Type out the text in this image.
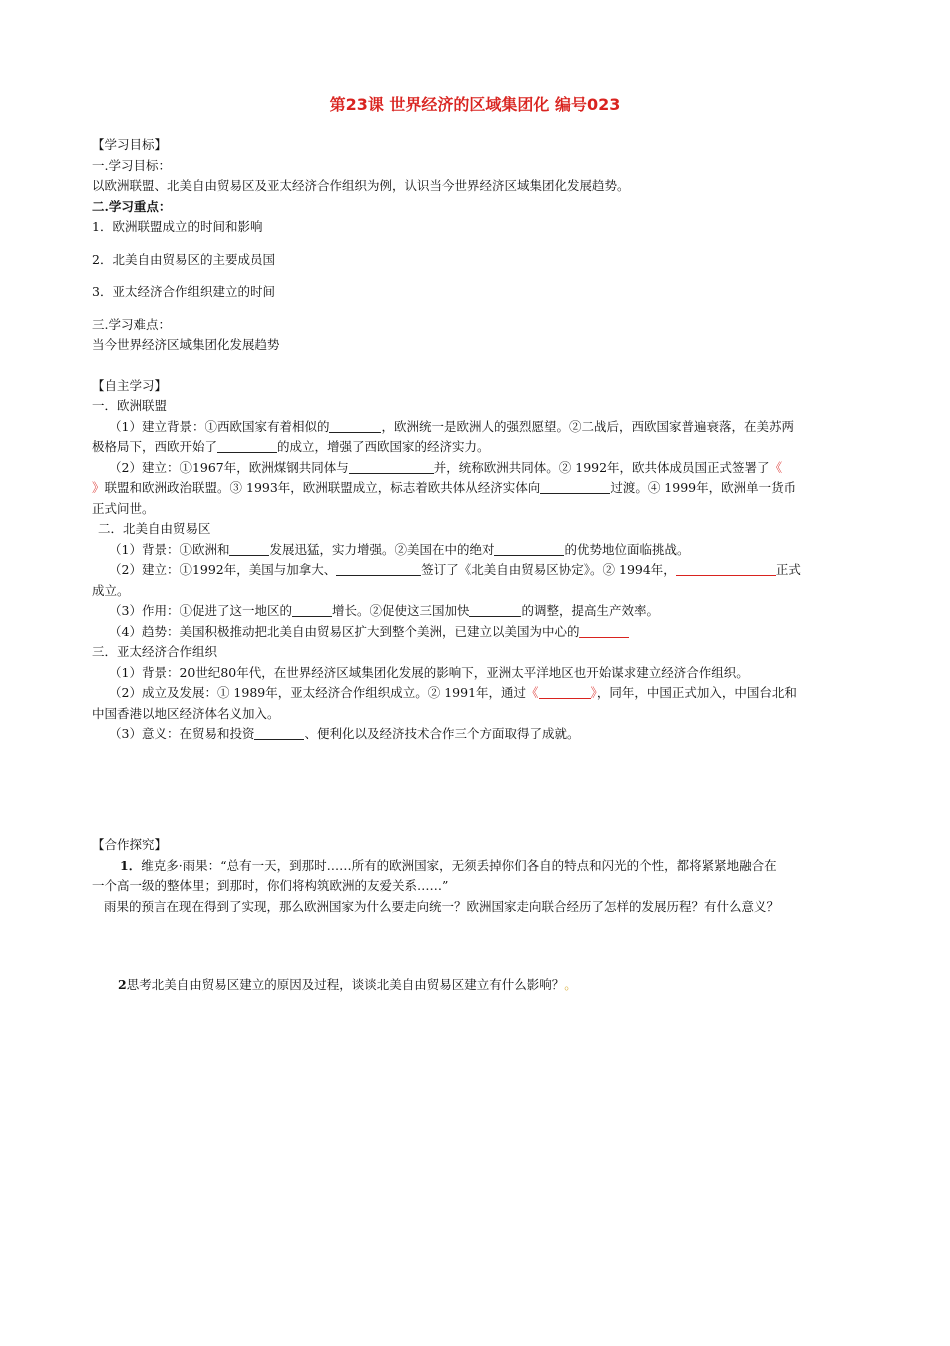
第23课 世界经济的区域集团化 编号023
【学习目标】
一.学习目标：
以欧洲联盟、北美自由贸易区及亚太经济合作组织为例，认识当今世界经济区域集团化发展趋势。
二.学习重点：
1．欧洲联盟成立的时间和影响
2．北美自由贸易区的主要成员国
3．亚太经济合作组织建立的时间
三.学习难点：
当今世界经济区域集团化发展趋势
【自主学习】
一．欧洲联盟
（1）建立背景：①西欧国家有着相似的	，欧洲统一是欧洲人的强烈愿望。②二战后，西欧国家普遍衰落，在美苏两
极格局下，西欧开始了	的成立，增强了西欧国家的经济实力。
（2）建立：①1967年，欧洲煤钢共同体与	并，统称欧洲共同体。② 1992年，欧共体成员国正式签署了《
》联盟和欧洲政治联盟。③ 1993年，欧洲联盟成立，标志着欧共体从经济实体向	过渡。④ 1999年，欧洲单一货币
正式问世。
二．北美自由贸易区
（1）背景：①欧洲和	发展迅猛，实力增强。②美国在中的绝对	的优势地位面临挑战。
（2）建立：①1992年，美国与加拿大、	签订了《北美自由贸易区协定》。② 1994年，	正式
成立。
（3）作用：①促进了这一地区的	增长。②促使这三国加快	的调整，提高生产效率。
（4）趋势：美国积极推动把北美自由贸易区扩大到整个美洲，已建立以美国为中心的
三．亚太经济合作组织
（1）背景：20世纪80年代，在世界经济区域集团化发展的影响下，亚洲太平洋地区也开始谋求建立经济合作组织。
（2）成立及发展：① 1989年，亚太经济合作组织成立。② 1991年，通过《	》，同年，中国正式加入，中国台北和
中国香港以地区经济体名义加入。
（3）意义：在贸易和投资	、便利化以及经济技术合作三个方面取得了成就。
【合作探究】
1．维克多·雨果：“总有一天，到那时……所有的欧洲国家，无须丢掉你们各自的特点和闪光的个性，都将紧紧地融合在
一个高一级的整体里；到那时，你们将构筑欧洲的友爱关系……”
雨果的预言在现在得到了实现，那么欧洲国家为什么要走向统一？欧洲国家走向联合经历了怎样的发展历程？有什么意义？
2思考北美自由贸易区建立的原因及过程，谈谈北美自由贸易区建立有什么影响？。
